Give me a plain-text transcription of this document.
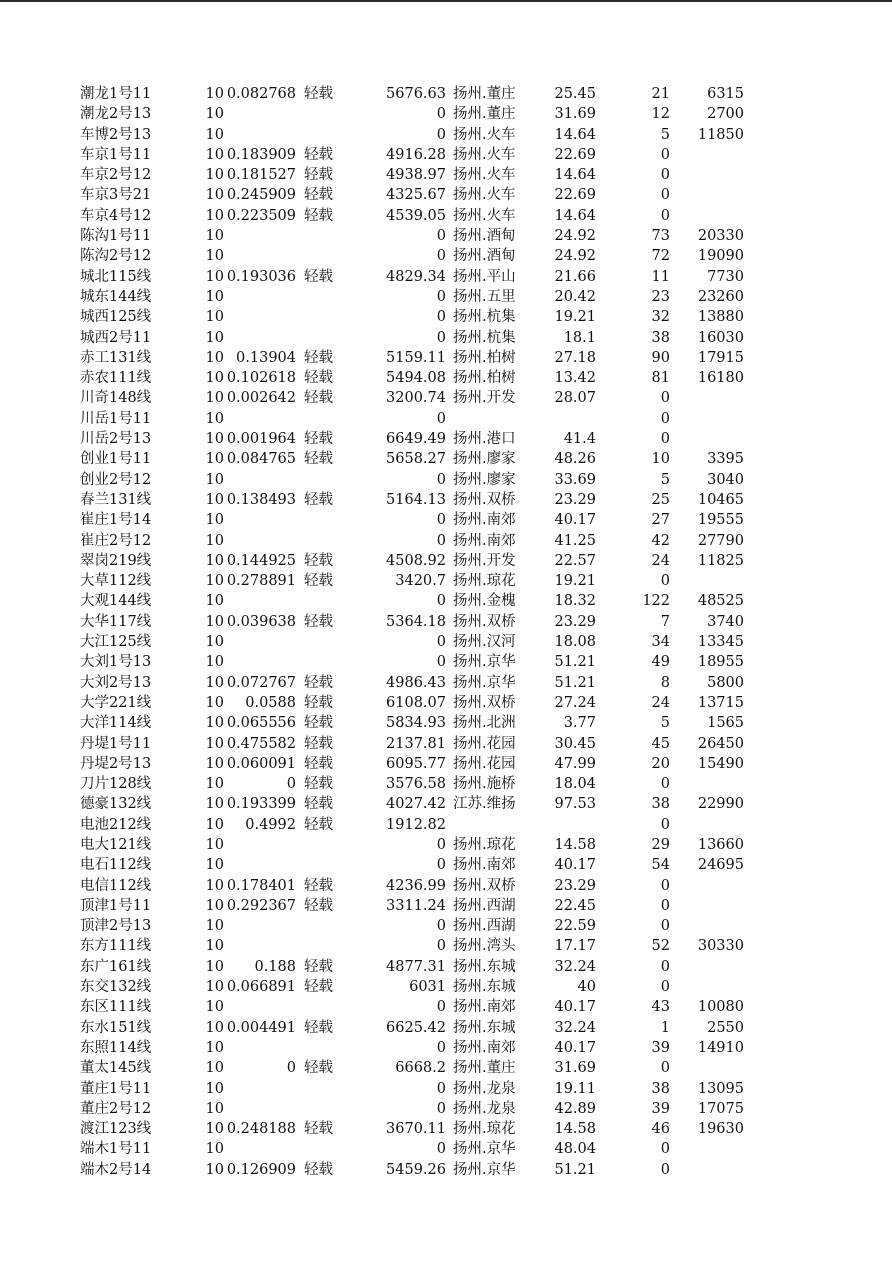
潮龙1号11	10 0.082768 轻载	5676.63 扬州.董庄	25.45	21	6315
潮龙2号13	10	0 扬州.董庄	31.69	12	2700
车博2号13	10	0 扬州.火车	14.64	5	11850
车京1号11	10 0.183909 轻载	4916.28 扬州.火车	22.69	0
车京2号12	10 0.181527 轻载	4938.97 扬州.火车	14.64	0
车京3号21	10 0.245909 轻载	4325.67 扬州.火车	22.69	0
车京4号12	10 0.223509 轻载	4539.05 扬州.火车	14.64	0
陈沟1号11	10	0 扬州.酒甸	24.92	73	20330
陈沟2号12	10	0 扬州.酒甸	24.92	72	19090
城北115线	10 0.193036 轻载	4829.34 扬州.平山	21.66	11	7730
城东144线	10	0 扬州.五里	20.42	23	23260
城西125线	10	0 扬州.杭集	19.21	32	13880
城西2号11	10	0 扬州.杭集	18.1	38	16030
赤工131线	10 0.13904 轻载	5159.11 扬州.柏树	27.18	90	17915
赤农111线	10 0.102618 轻载	5494.08 扬州.柏树	13.42	81	16180
川奇148线	10 0.002642 轻载	3200.74 扬州.开发	28.07	0
川岳1号11	10	0	0
川岳2号13	10 0.001964 轻载	6649.49 扬州.港口	41.4	0
创业1号11	10 0.084765 轻载	5658.27 扬州.廖家	48.26	10	3395
创业2号12	10	0 扬州.廖家	33.69	5	3040
春兰131线	10 0.138493 轻载	5164.13 扬州.双桥	23.29	25	10465
崔庄1号14	10	0 扬州.南郊	40.17	27	19555
崔庄2号12	10	0 扬州.南郊	41.25	42	27790
翠岗219线	10 0.144925 轻载	4508.92 扬州.开发	22.57	24	11825
大草112线	10 0.278891 轻载	3420.7 扬州.琼花	19.21	0
大观144线	10	0 扬州.金槐	18.32	122	48525
大华117线	10 0.039638 轻载	5364.18 扬州.双桥	23.29	7	3740
大江125线	10	0 扬州.汉河	18.08	34	13345
大刘1号13	10	0 扬州.京华	51.21	49	18955
大刘2号13	10 0.072767 轻载	4986.43 扬州.京华	51.21	8	5800
大学221线	10	0.0588 轻载	6108.07 扬州.双桥	27.24	24	13715
大洋114线	10 0.065556 轻载	5834.93 扬州.北洲	3.77	5	1565
丹堤1号11	10 0.475582 轻载	2137.81 扬州.花园	30.45	45	26450
丹堤2号13	10 0.060091 轻载	6095.77 扬州.花园	47.99	20	15490
刀片128线	10	0 轻载	3576.58 扬州.施桥	18.04	0
德豪132线	10 0.193399 轻载	4027.42 江苏.维扬	97.53	38	22990
电池212线	10	0.4992 轻载	1912.82	0
电大121线	10	0 扬州.琼花	14.58	29	13660
电石112线	10	0 扬州.南郊	40.17	54	24695
电信112线	10 0.178401 轻载	4236.99 扬州.双桥	23.29	0
顶津1号11	10 0.292367 轻载	3311.24 扬州.西湖	22.45	0
顶津2号13	10	0 扬州.西湖	22.59	0
东方111线	10	0 扬州.湾头	17.17	52	30330
东广161线	10	0.188 轻载	4877.31 扬州.东城	32.24	0
东交132线	10 0.066891 轻载	6031 扬州.东城	40	0
东区111线	10	0 扬州.南郊	40.17	43	10080
东水151线	10 0.004491 轻载	6625.42 扬州.东城	32.24	1	2550
东照114线	10	0 扬州.南郊	40.17	39	14910
董太145线	10	0 轻载	6668.2 扬州.董庄	31.69	0
董庄1号11	10	0 扬州.龙泉	19.11	38	13095
董庄2号12	10	0 扬州.龙泉	42.89	39	17075
渡江123线	10 0.248188 轻载	3670.11 扬州.琼花	14.58	46	19630
端木1号11	10	0 扬州.京华	48.04	0
端木2号14	10 0.126909 轻载	5459.26 扬州.京华	51.21	0
